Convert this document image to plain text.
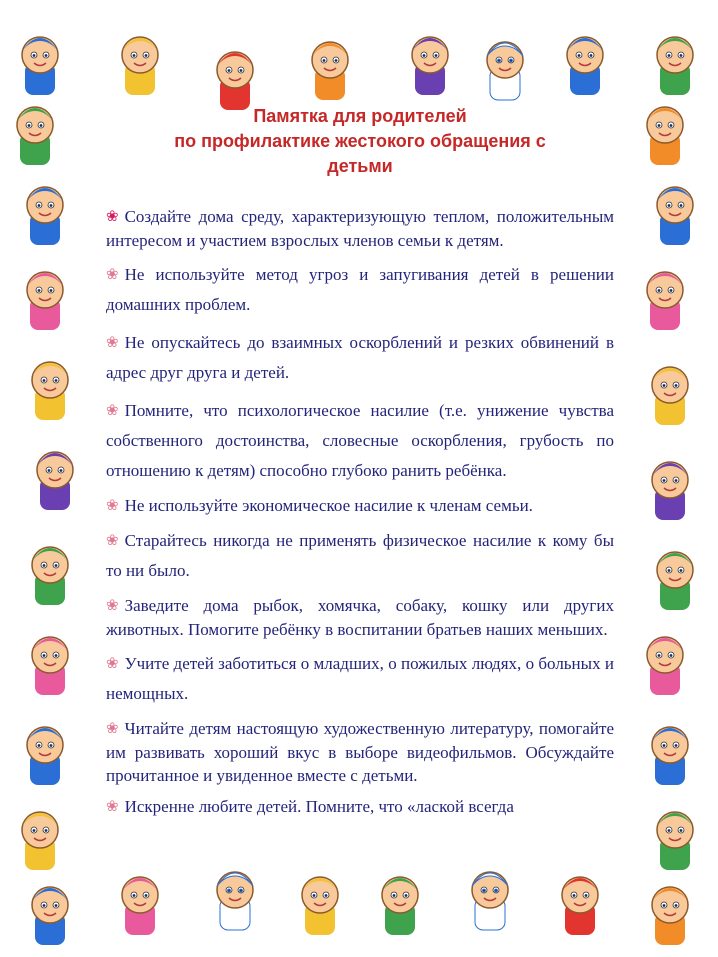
Памятка для родителей
по профилактике жестокого обращения с
детьми

❀ Создайте дома среду, характеризующую теплом, положительным интересом и участием взрослых членов семьи к детям.

❀ Не используйте метод угроз и запугивания детей в решении домашних проблем.

❀ Не опускайтесь до взаимных оскорблений и резких обвинений в адрес друг друга и детей.

❀ Помните, что психологическое насилие (т.е. унижение чувства собственного достоинства, словесные оскорбления, грубость по отношению к детям) способно глубоко ранить ребёнка.

❀ Не используйте экономическое насилие к членам семьи.

❀ Старайтесь никогда не применять физическое насилие к кому бы то ни было.

❀ Заведите дома рыбок, хомячка, собаку, кошку или других животных. Помогите ребёнку в воспитании братьев наших меньших.

❀ Учите детей заботиться о младших, о пожилых людях, о больных и немощных.

❀ Читайте детям настоящую художественную литературу, помогайте им развивать хороший вкус в выборе видеофильмов. Обсуждайте прочитанное и увиденное вместе с детьми.

❀ Искренне любите детей. Помните, что «лаской всегда
